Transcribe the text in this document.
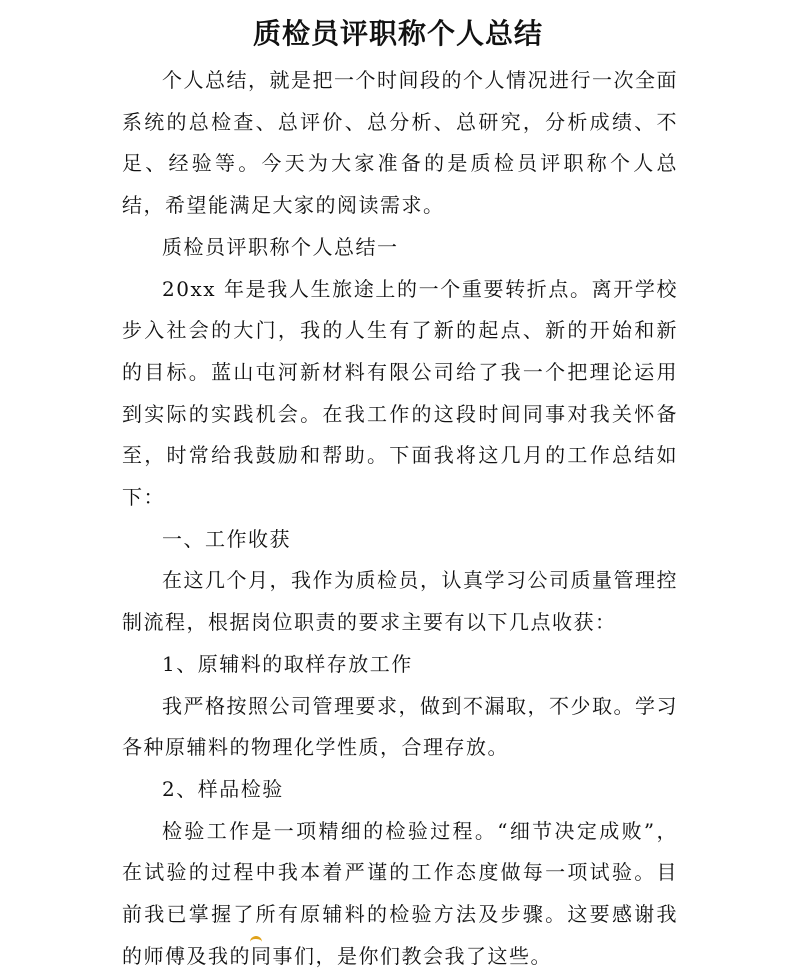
质检员评职称个人总结

个人总结，就是把一个时间段的个人情况进行一次全面系统的总检查、总评价、总分析、总研究，分析成绩、不足、经验等。今天为大家准备的是质检员评职称个人总结，希望能满足大家的阅读需求。

质检员评职称个人总结一

20xx 年是我人生旅途上的一个重要转折点。离开学校步入社会的大门，我的人生有了新的起点、新的开始和新的目标。蓝山屯河新材料有限公司给了我一个把理论运用到实际的实践机会。在我工作的这段时间同事对我关怀备至，时常给我鼓励和帮助。下面我将这几月的工作总结如下：

一、工作收获

在这几个月，我作为质检员，认真学习公司质量管理控制流程，根据岗位职责的要求主要有以下几点收获：

1、原辅料的取样存放工作

我严格按照公司管理要求，做到不漏取，不少取。学习各种原辅料的物理化学性质，合理存放。

2、样品检验

检验工作是一项精细的检验过程。“细节决定成败”，在试验的过程中我本着严谨的工作态度做每一项试验。目前我已掌握了所有原辅料的检验方法及步骤。这要感谢我的师傅及我的同事们，是你们教会我了这些。
